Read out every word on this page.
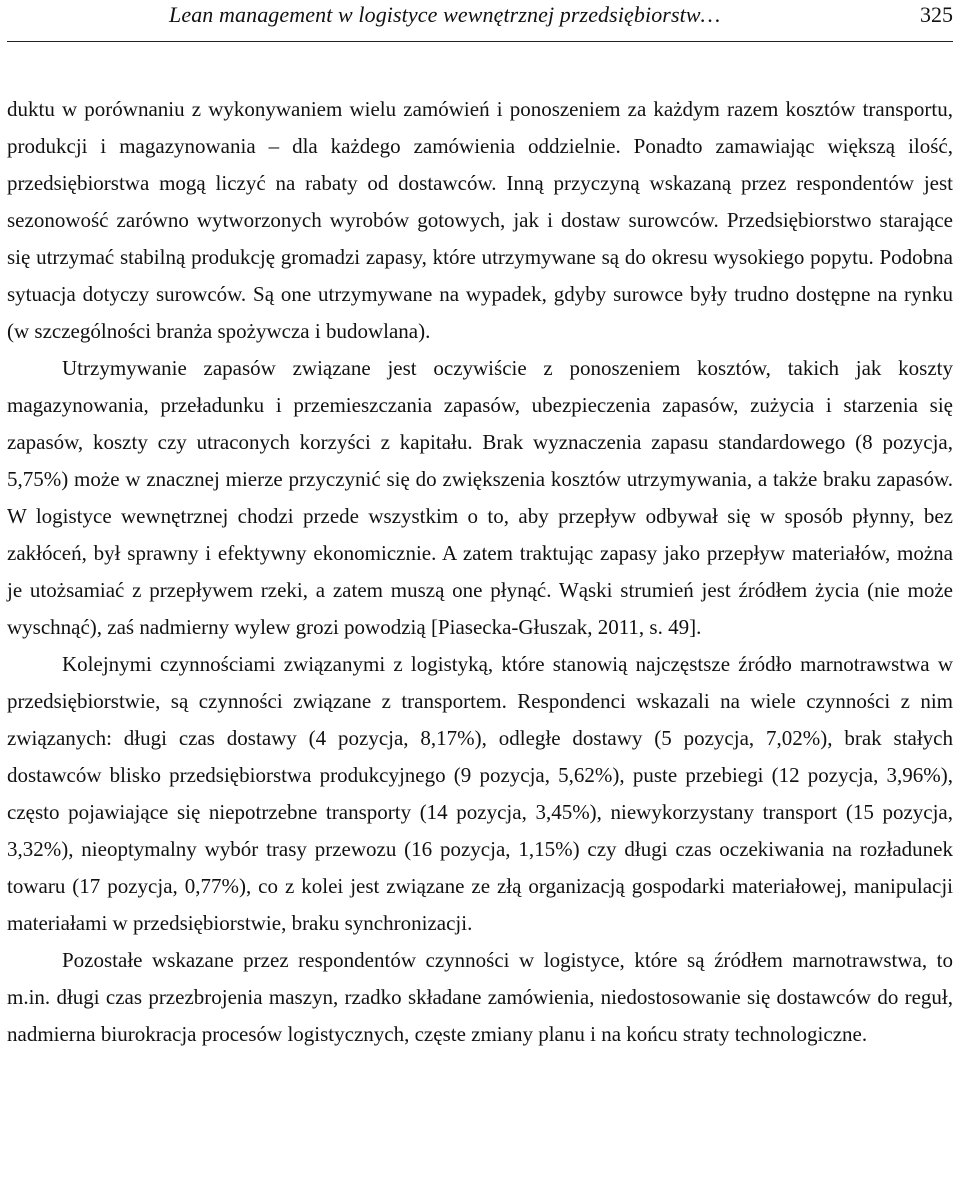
Lean management w logistyce wewnętrznej przedsiębiorstw…	325

duktu w porównaniu z wykonywaniem wielu zamówień i ponoszeniem za każdym razem kosztów transportu, produkcji i magazynowania – dla każdego zamówienia oddzielnie. Ponadto zamawiając większą ilość, przedsiębiorstwa mogą liczyć na rabaty od dostawców. Inną przyczyną wskazaną przez respondentów jest sezonowość zarówno wytworzonych wyrobów gotowych, jak i dostaw surowców. Przedsiębiorstwo starające się utrzymać stabilną produkcję gromadzi zapasy, które utrzymywane są do okresu wysokiego popytu. Podobna sytuacja dotyczy surowców. Są one utrzymywane na wypadek, gdyby surowce były trudno dostępne na rynku (w szczególności branża spożywcza i budowlana).

Utrzymywanie zapasów związane jest oczywiście z ponoszeniem kosztów, takich jak koszty magazynowania, przeładunku i przemieszczania zapasów, ubezpieczenia zapasów, zużycia i starzenia się zapasów, koszty czy utraconych korzyści z kapitału. Brak wyznaczenia zapasu standardowego (8 pozycja, 5,75%) może w znacznej mierze przyczynić się do zwiększenia kosztów utrzymywania, a także braku zapasów. W logistyce wewnętrznej chodzi przede wszystkim o to, aby przepływ odbywał się w sposób płynny, bez zakłóceń, był sprawny i efektywny ekonomicznie. A zatem traktując zapasy jako przepływ materiałów, można je utożsamiać z przepływem rzeki, a zatem muszą one płynąć. Wąski strumień jest źródłem życia (nie może wyschnąć), zaś nadmierny wylew grozi powodzią [Piasecka-Głuszak, 2011, s. 49].

Kolejnymi czynnościami związanymi z logistyką, które stanowią najczęstsze źródło marnotrawstwa w przedsiębiorstwie, są czynności związane z transportem. Respondenci wskazali na wiele czynności z nim związanych: długi czas dostawy (4 pozycja, 8,17%), odległe dostawy (5 pozycja, 7,02%), brak stałych dostawców blisko przedsiębiorstwa produkcyjnego (9 pozycja, 5,62%), puste przebiegi (12 pozycja, 3,96%), często pojawiające się niepotrzebne transporty (14 pozycja, 3,45%), niewykorzystany transport (15 pozycja, 3,32%), nieoptymalny wybór trasy przewozu (16 pozycja, 1,15%) czy długi czas oczekiwania na rozładunek towaru (17 pozycja, 0,77%), co z kolei jest związane ze złą organizacją gospodarki materiałowej, manipulacji materiałami w przedsiębiorstwie, braku synchronizacji.

Pozostałe wskazane przez respondentów czynności w logistyce, które są źródłem marnotrawstwa, to m.in. długi czas przezbrojenia maszyn, rzadko składane zamówienia, niedostosowanie się dostawców do reguł, nadmierna biurokracja procesów logistycznych, częste zmiany planu i na końcu straty technologiczne.
